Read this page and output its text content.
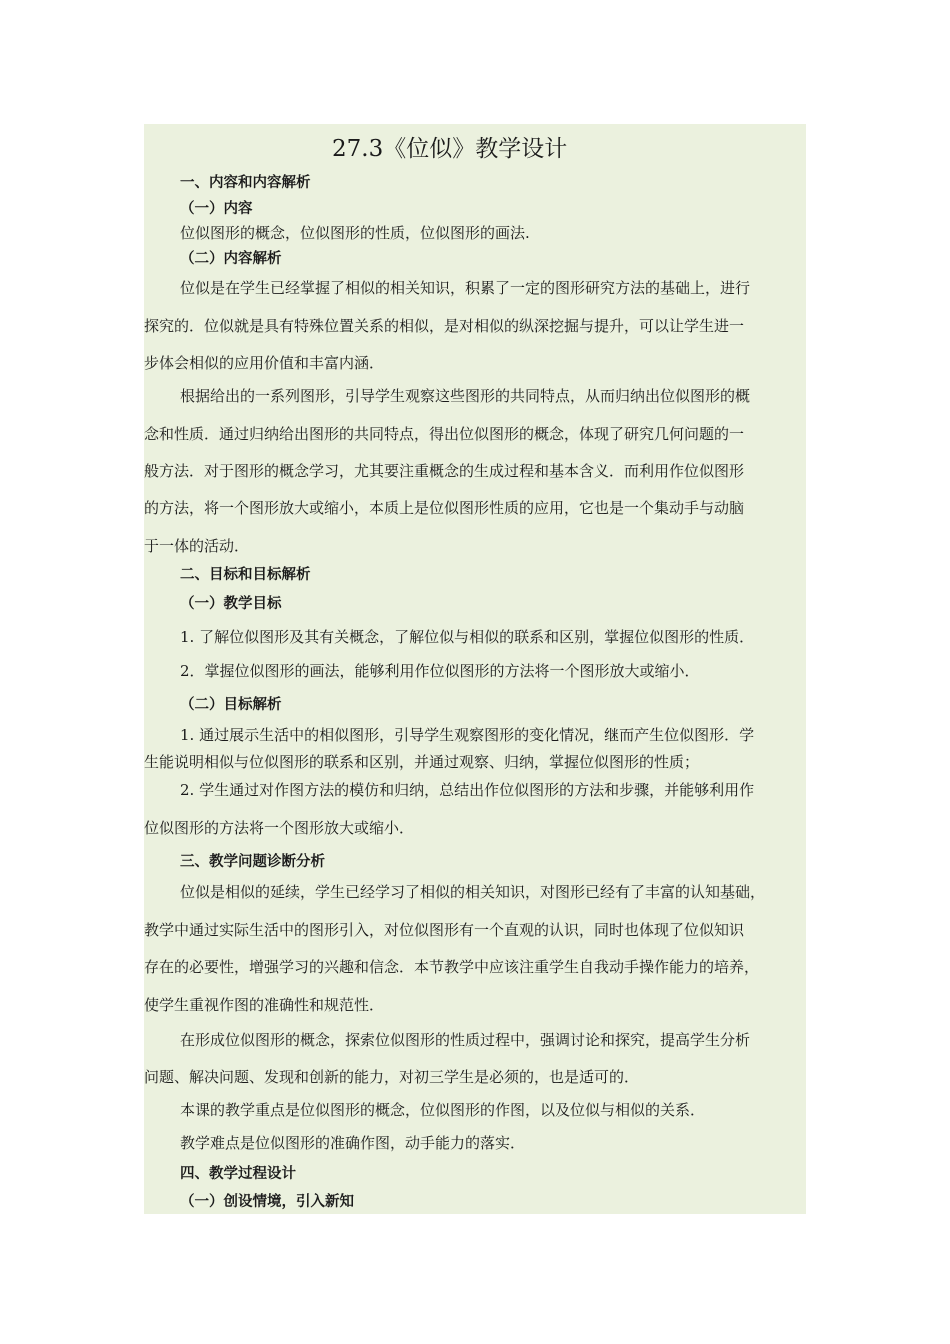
27.3《位似》教学设计
一、内容和内容解析
（一）内容
位似图形的概念，位似图形的性质，位似图形的画法.
（二）内容解析
位似是在学生已经掌握了相似的相关知识，积累了一定的图形研究方法的基础上，进行
探究的．位似就是具有特殊位置关系的相似，是对相似的纵深挖掘与提升，可以让学生进一
步体会相似的应用价值和丰富内涵．
根据给出的一系列图形，引导学生观察这些图形的共同特点，从而归纳出位似图形的概
念和性质．通过归纳给出图形的共同特点，得出位似图形的概念，体现了研究几何问题的一
般方法．对于图形的概念学习，尤其要注重概念的生成过程和基本含义．而利用作位似图形
的方法，将一个图形放大或缩小，本质上是位似图形性质的应用，它也是一个集动手与动脑
于一体的活动．
二、目标和目标解析
（一）教学目标
1. 了解位似图形及其有关概念，了解位似与相似的联系和区别，掌握位似图形的性质．
2．掌握位似图形的画法，能够利用作位似图形的方法将一个图形放大或缩小．
（二）目标解析
1. 通过展示生活中的相似图形，引导学生观察图形的变化情况，继而产生位似图形．学
生能说明相似与位似图形的联系和区别，并通过观察、归纳，掌握位似图形的性质；
2. 学生通过对作图方法的模仿和归纳，总结出作位似图形的方法和步骤，并能够利用作
位似图形的方法将一个图形放大或缩小．
三、教学问题诊断分析
位似是相似的延续，学生已经学习了相似的相关知识，对图形已经有了丰富的认知基础，
教学中通过实际生活中的图形引入，对位似图形有一个直观的认识，同时也体现了位似知识
存在的必要性，增强学习的兴趣和信念．本节教学中应该注重学生自我动手操作能力的培养，
使学生重视作图的准确性和规范性．
在形成位似图形的概念，探索位似图形的性质过程中，强调讨论和探究，提高学生分析
问题、解决问题、发现和创新的能力，对初三学生是必须的，也是适可的．
本课的教学重点是位似图形的概念，位似图形的作图，以及位似与相似的关系．
教学难点是位似图形的准确作图，动手能力的落实．
四、教学过程设计
（一）创设情境，引入新知
